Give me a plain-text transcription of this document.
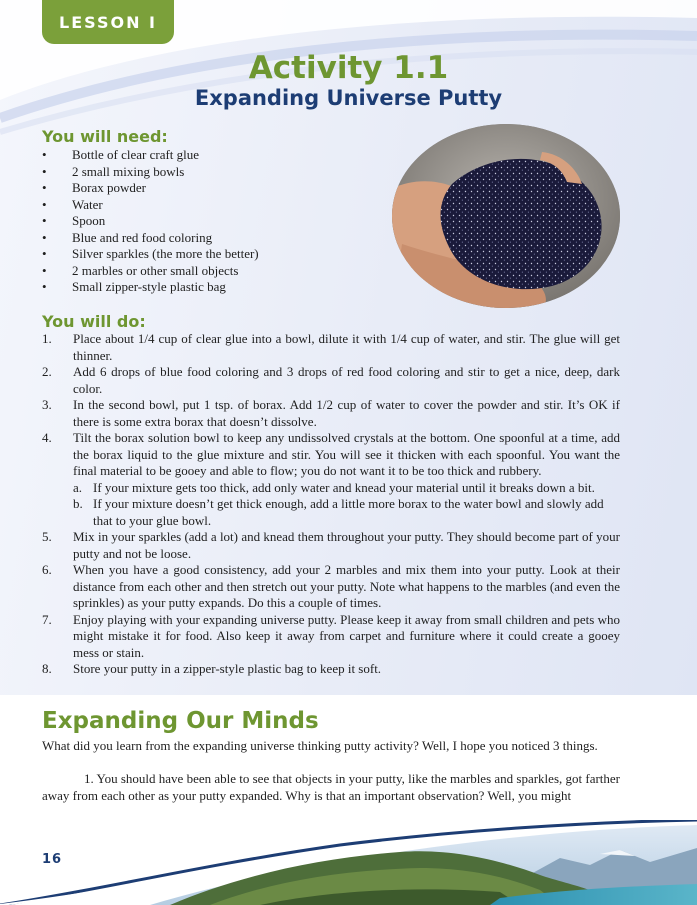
LESSON I
Activity 1.1
Expanding Universe Putty
You will need:
• Bottle of clear craft glue
• 2 small mixing bowls
• Borax powder
• Water
• Spoon
• Blue and red food coloring
• Silver sparkles (the more the better)
• 2 marbles or other small objects
• Small zipper-style plastic bag
You will do:
1. Place about 1/4 cup of clear glue into a bowl, dilute it with 1/4 cup of water, and stir. The glue will get thinner.
2. Add 6 drops of blue food coloring and 3 drops of red food coloring and stir to get a nice, deep, dark color.
3. In the second bowl, put 1 tsp. of borax. Add 1/2 cup of water to cover the powder and stir. It’s OK if there is some extra borax that doesn’t dissolve.
4. Tilt the borax solution bowl to keep any undissolved crystals at the bottom. One spoonful at a time, add the borax liquid to the glue mixture and stir. You will see it thicken with each spoonful. You want the final material to be gooey and able to flow; you do not want it to be too thick and rubbery.
a. If your mixture gets too thick, add only water and knead your material until it breaks down a bit.
b. If your mixture doesn’t get thick enough, add a little more borax to the water bowl and slowly add that to your glue bowl.
5. Mix in your sparkles (add a lot) and knead them throughout your putty. They should become part of your putty and not be loose.
6. When you have a good consistency, add your 2 marbles and mix them into your putty. Look at their distance from each other and then stretch out your putty. Note what happens to the marbles (and even the sprinkles) as your putty expands. Do this a couple of times.
7. Enjoy playing with your expanding universe putty. Please keep it away from small children and pets who might mistake it for food. Also keep it away from carpet and furniture where it could create a gooey mess or stain.
8. Store your putty in a zipper-style plastic bag to keep it soft.
Expanding Our Minds

What did you learn from the expanding universe thinking putty activity? Well, I hope you noticed 3 things.

1. You should have been able to see that objects in your putty, like the marbles and sparkles, got farther away from each other as your putty expanded. Why is that an important observation? Well, you might

16
